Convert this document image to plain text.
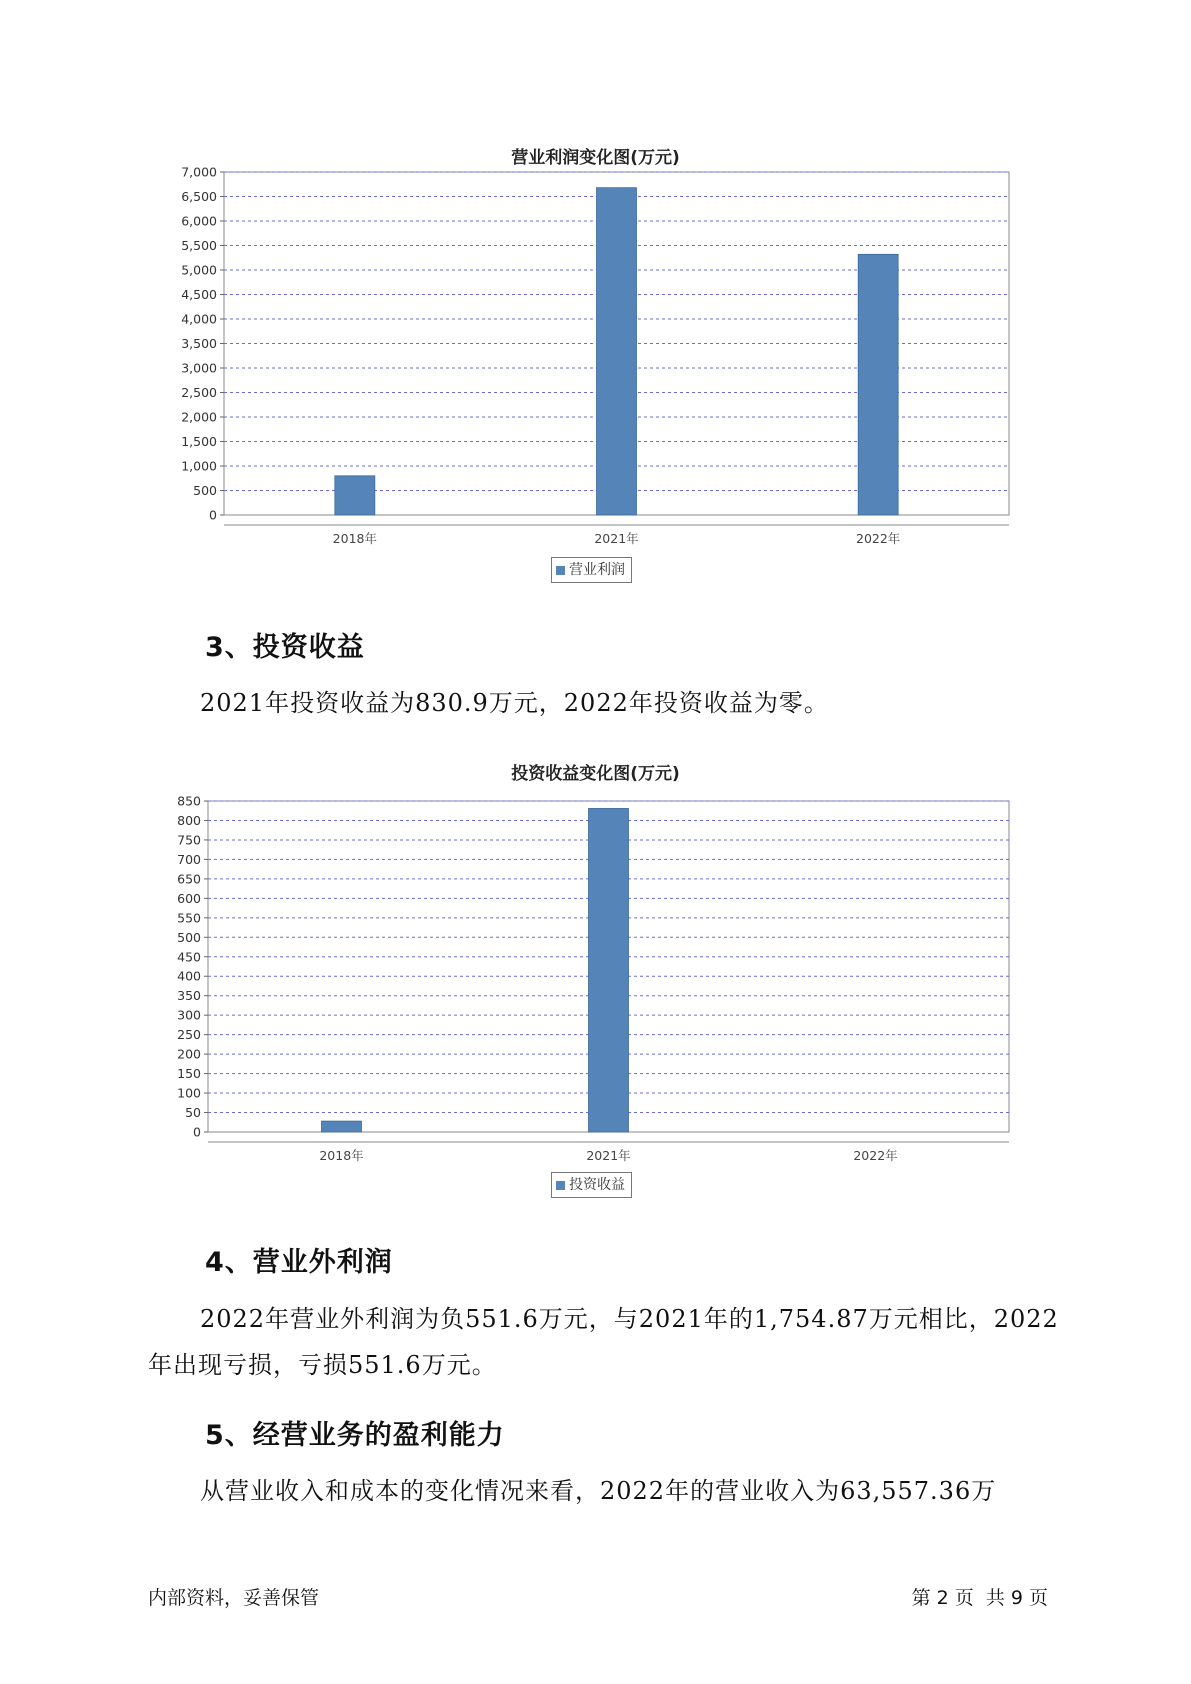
营业利润变化图(万元)
0
500
1,000
1,500
2,000
2,500
3,000
3,500
4,000
4,500
5,000
5,500
6,000
6,500
7,000
2018年	2021年	2022年
营业利润
3、投资收益
2021年投资收益为830.9万元，2022年投资收益为零。
投资收益变化图(万元)
0
50
100
150
200
250
300
350
400
450
500
550
600
650
700
750
800
850
2018年	2021年	2022年
投资收益
4、营业外利润
2022年营业外利润为负551.6万元，与2021年的1,754.87万元相比，2022
年出现亏损，亏损551.6万元。
5、经营业务的盈利能力
从营业收入和成本的变化情况来看，2022年的营业收入为63,557.36万
内部资料，妥善保管	第 2 页  共 9 页
